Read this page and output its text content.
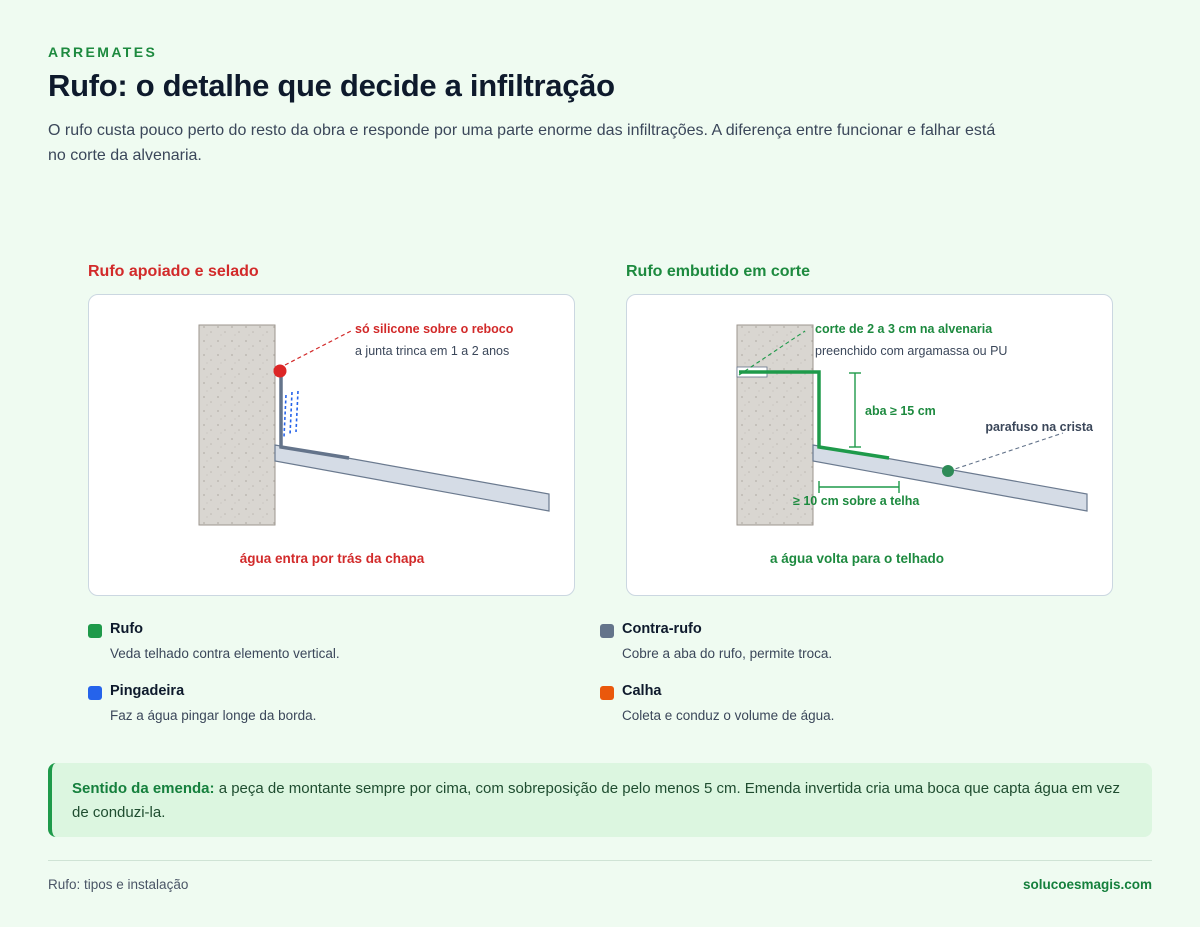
ARREMATES
Rufo: o detalhe que decide a infiltração

O rufo custa pouco perto do resto da obra e responde por uma parte enorme das infiltrações. A diferença entre funcionar e falhar está no corte da alvenaria.

Rufo apoiado e selado
só silicone sobre o reboco
a junta trinca em 1 a 2 anos
água entra por trás da chapa
Rufo embutido em corte
corte de 2 a 3 cm na alvenaria
preenchido com argamassa ou PU
aba ≥ 15 cm
≥ 10 cm sobre a telha
parafuso na crista
a água volta para o telhado
Rufo
Veda telhado contra elemento vertical.
Contra-rufo
Cobre a aba do rufo, permite troca.
Pingadeira
Faz a água pingar longe da borda.
Calha
Coleta e conduz o volume de água.
Sentido da emenda: a peça de montante sempre por cima, com sobreposição de pelo menos 5 cm. Emenda invertida cria uma boca que capta água em vez de conduzi-la.
Rufo: tipos e instalação	solucoesmagis.com
